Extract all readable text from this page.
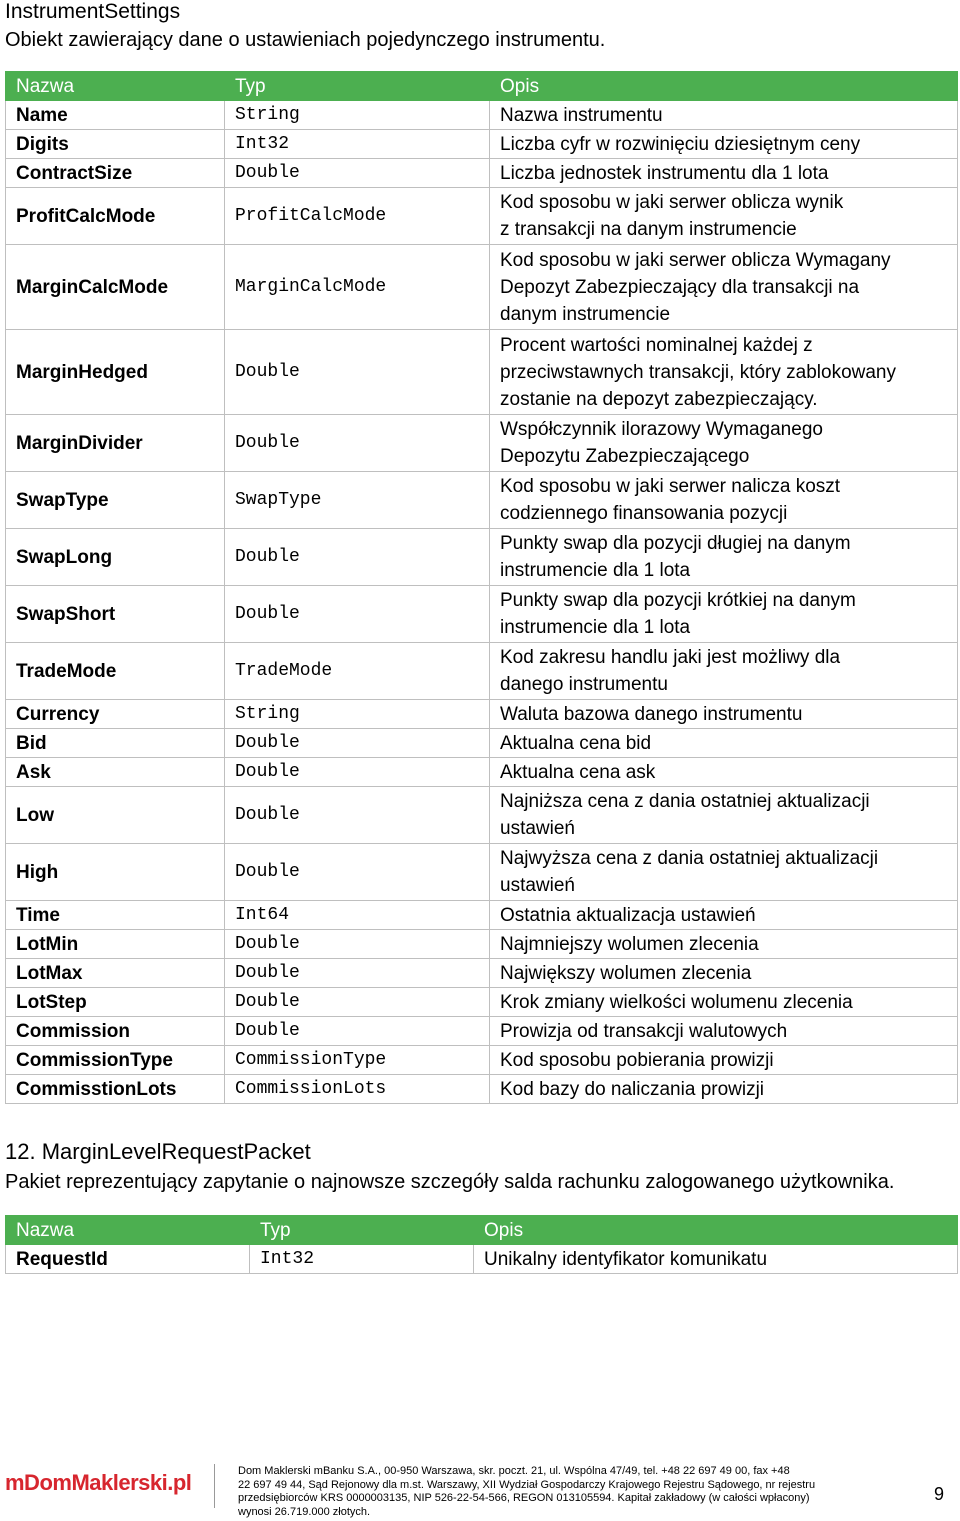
InstrumentSettings

Obiekt zawierający dane o ustawieniach pojedynczego instrumentu.

Nazwa	Typ	Opis
Name	String	Nazwa instrumentu

Digits	Int32	Liczba cyfr w rozwinięciu dziesiętnym ceny

ContractSize	Double	Liczba jednostek instrumentu dla 1 lota

ProfitCalcMode	ProfitCalcMode	Kod sposobu w jaki serwer oblicza wynik
z transakcji na danym instrumencie

MarginCalcMode	MarginCalcMode	Kod sposobu w jaki serwer oblicza Wymagany
Depozyt Zabezpieczający dla transakcji na
danym instrumencie

MarginHedged	Double	Procent wartości nominalnej każdej z
przeciwstawnych transakcji, który zablokowany
zostanie na depozyt zabezpieczający.

MarginDivider	Double	Współczynnik ilorazowy Wymaganego
Depozytu Zabezpieczającego

SwapType	SwapType	Kod sposobu w jaki serwer nalicza koszt
codziennego finansowania pozycji

SwapLong	Double	Punkty swap dla pozycji długiej na danym
instrumencie dla 1 lota

SwapShort	Double	Punkty swap dla pozycji krótkiej na danym
instrumencie dla 1 lota

TradeMode	TradeMode	Kod zakresu handlu jaki jest możliwy dla
danego instrumentu

Currency	String	Waluta bazowa danego instrumentu

Bid	Double	Aktualna cena bid

Ask	Double	Aktualna cena ask

Low	Double	Najniższa cena z dania ostatniej aktualizacji
ustawień

High	Double	Najwyższa cena z dania ostatniej aktualizacji
ustawień

Time	Int64	Ostatnia aktualizacja ustawień

LotMin	Double	Najmniejszy wolumen zlecenia

LotMax	Double	Największy wolumen zlecenia

LotStep	Double	Krok zmiany wielkości wolumenu zlecenia

Commission	Double	Prowizja od transakcji walutowych

CommissionType	CommissionType	Kod sposobu pobierania prowizji

CommisstionLots	CommissionLots	Kod bazy do naliczania prowizji
12. MarginLevelRequestPacket

Pakiet reprezentujący zapytanie o najnowsze szczegóły salda rachunku zalogowanego użytkownika.

Nazwa	Typ	Opis
RequestId	Int32	Unikalny identyfikator komunikatu
mDomMaklerski.pl	Dom Maklerski mBanku S.A., 00-950 Warszawa, skr. poczt. 21, ul. Wspólna 47/49, tel. +48 22 697 49 00, fax +48
22 697 49 44, Sąd Rejonowy dla m.st. Warszawy, XII Wydział Gospodarczy Krajowego Rejestru Sądowego, nr rejestru
przedsiębiorców KRS 0000003135, NIP 526-22-54-566, REGON 013105594. Kapitał zakładowy (w całości wpłacony)
wynosi 26.719.000 złotych.
9
